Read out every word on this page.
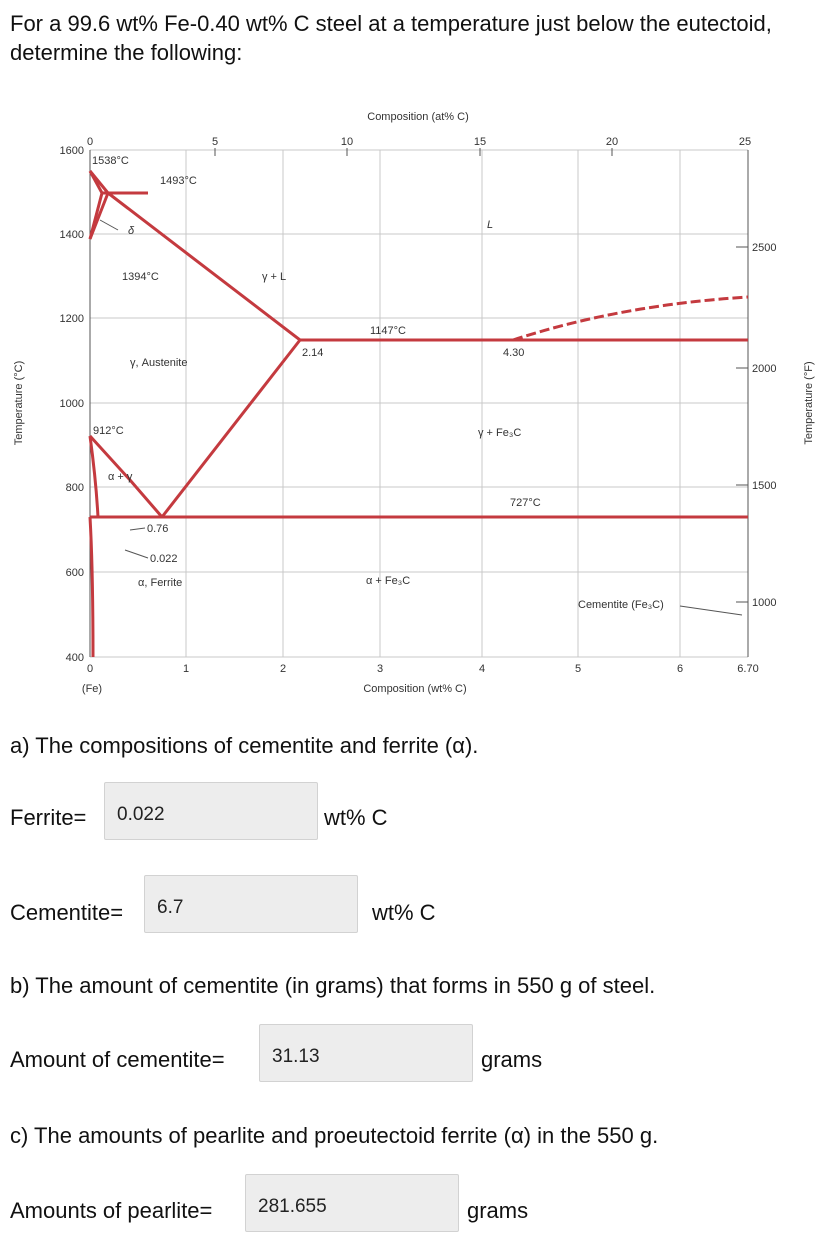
For a 99.6 wt% Fe-0.40 wt% C steel at a temperature just below the eutectoid, determine the following:
Composition (at% C)
0	5	10	15	20	25
1600
1400
1200
1000
800
600
400
Temperature (°C)
2500
2000
1500
1000
Temperature (°F)
0	1	2	3	4	5	6	6.70
(Fe)	Composition (wt% C)
1538°C
1493°C
δ	L
1394°C	γ + L
1147°C
2.14	4.30
γ, Austenite
912°C	γ + Fe₃C
α + γ
727°C
0.76
0.022
α, Ferrite	α + Fe₃C
Cementite (Fe₃C)
a) The compositions of cementite and ferrite (α).
Ferrite=	0.022	wt% C
Cementite=	6.7	wt% C
b) The amount of cementite (in grams) that forms in 550 g of steel.
Amount of cementite=	31.13	grams
c) The amounts of pearlite and proeutectoid ferrite (α) in the 550 g.
Amounts of pearlite=	281.655	grams
